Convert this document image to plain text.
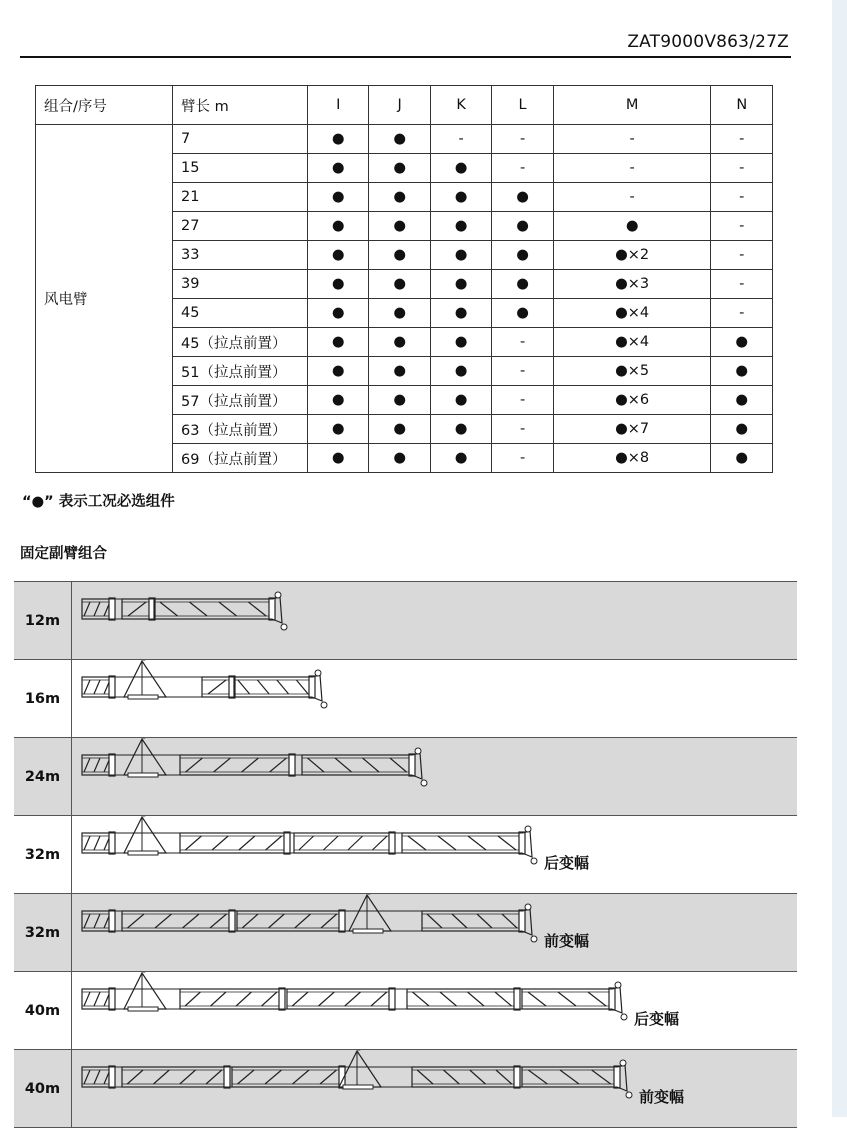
ZAT9000V863/27Z
组合/序号	臂长 m	I	J	K	L	M	N
风电臂	7	●	●	-	-	-	-
	15	●	●	●	-	-	-
	21	●	●	●	●	-	-
	27	●	●	●	●	●	-
	33	●	●	●	●	●×2	-
	39	●	●	●	●	●×3	-
	45	●	●	●	●	●×4	-
	45（拉点前置）	●	●	●	-	●×4	●
	51（拉点前置）	●	●	●	-	●×5	●
	57（拉点前置）	●	●	●	-	●×6	●
	63（拉点前置）	●	●	●	-	●×7	●
	69（拉点前置）	●	●	●	-	●×8	●
“●” 表示工况必选组件
固定副臂组合
12m
16m
24m
32m	后变幅
32m	前变幅
40m	后变幅
40m	前变幅
